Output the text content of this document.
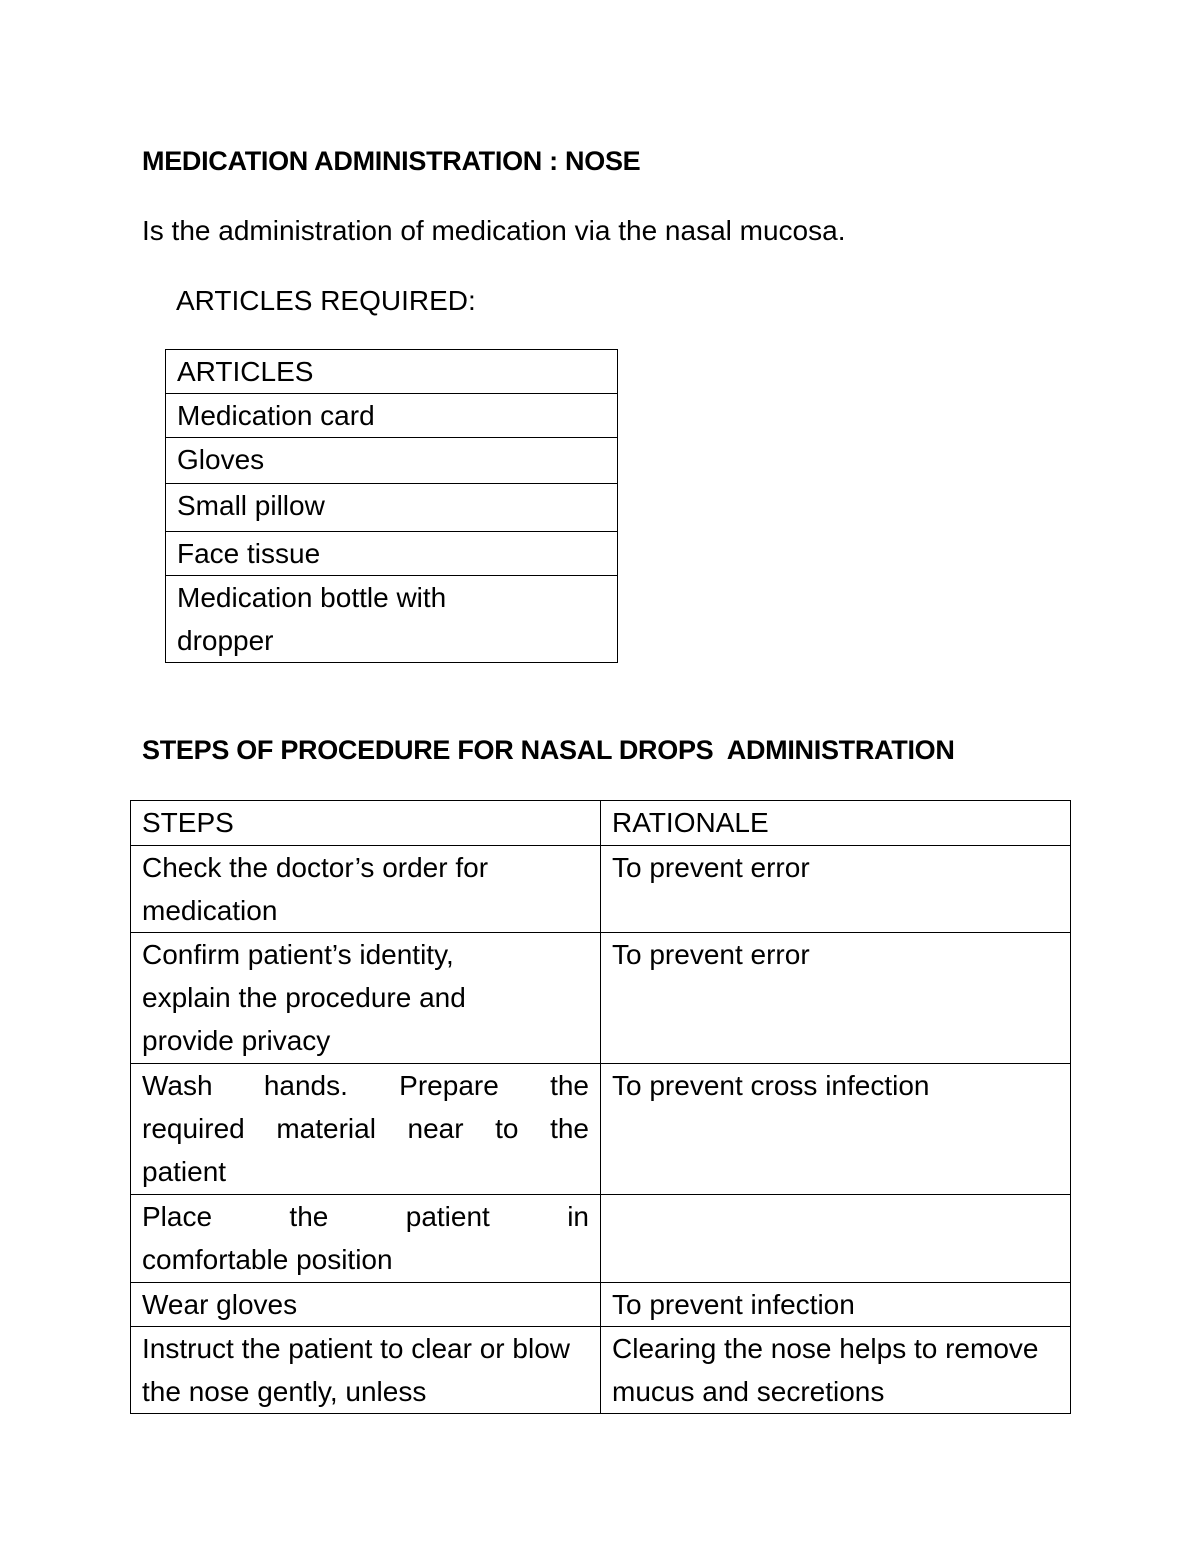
MEDICATION ADMINISTRATION : NOSE
Is the administration of medication via the nasal mucosa.
ARTICLES REQUIRED:
ARTICLES
Medication card
Gloves
Small pillow
Face tissue
Medication bottle with dropper
STEPS OF PROCEDURE FOR NASAL DROPS  ADMINISTRATION
STEPS	RATIONALE
Check the doctor’s order for medication	To prevent error
Confirm patient’s identity, explain the procedure and provide privacy	To prevent error

Wash hands. Prepare the
required material near to the
patient	To prevent cross infection

Place the patient in
comfortable position	

Wear gloves	To prevent infection
Instruct the patient to clear or blow the nose gently, unless	Clearing the nose helps to remove mucus and secretions
